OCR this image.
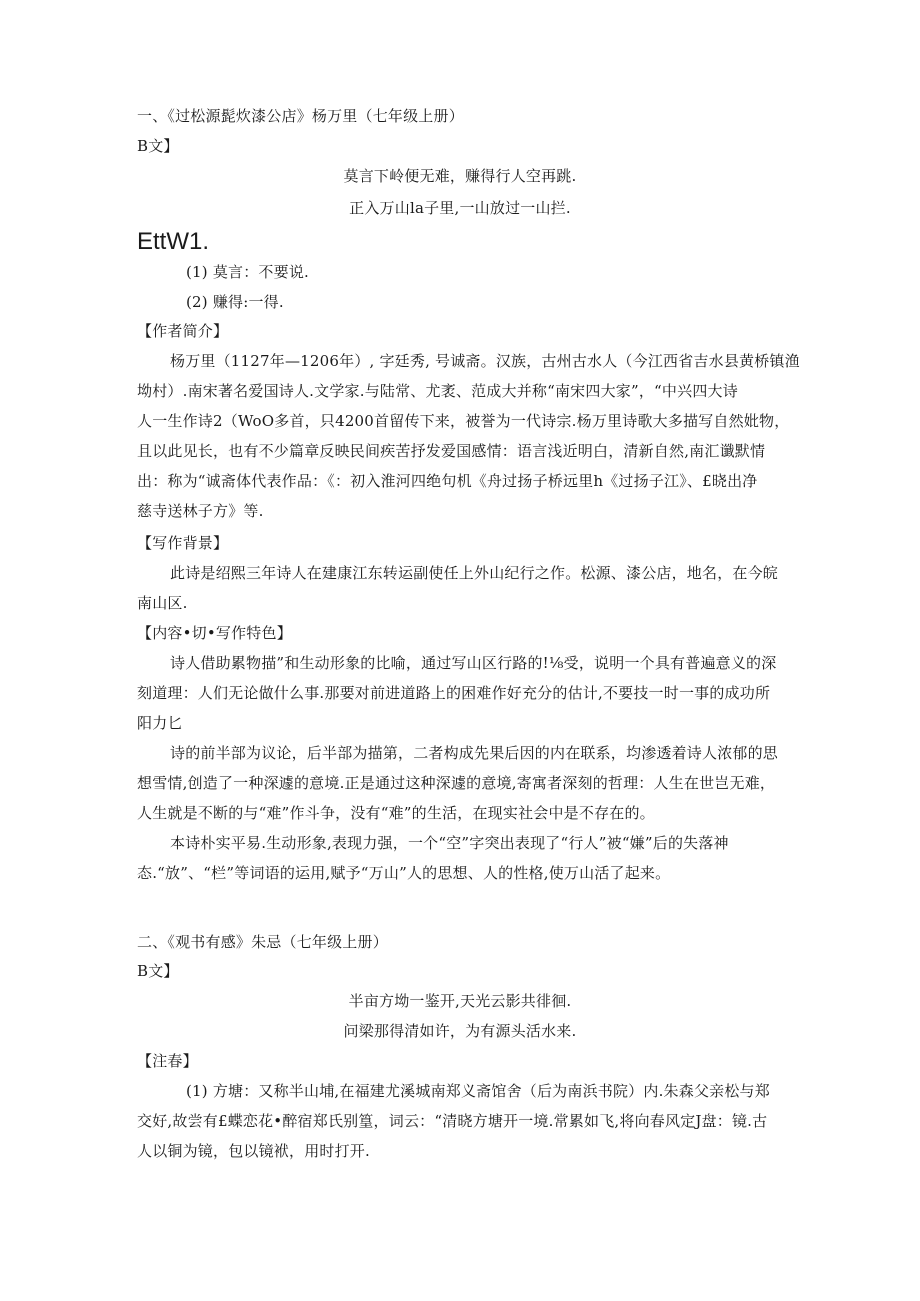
一、《过松源髭炊漆公店》杨万里（七年级上册）
B文】
莫言下岭便无难，赚得行人空再跳.
正入万山la子里,一山放过一山拦.
EttW1.
(1) 莫言：不要说.
(2) 赚得:一得.
【作者简介】
杨万里（1127年—1206年）, 字廷秀, 号诚斋。汉族，古州古水人（今江西省吉水县黄桥镇渔
坳村）.南宋著名爱国诗人.文学家.与陆常、尤袤、范成大并称“南宋四大家”，“中兴四大诗
人一生作诗2（WoO多首，只4200首留传下来，被誉为一代诗宗.杨万里诗歌大多描写自然妣物，
且以此见长，也有不少篇章反映民间疾苦抒发爱国感情：语言浅近明白，清新自然,南汇谶默情
出：称为“诚斋体代表作品：《：初入淮河四绝句机《舟过扬子桥远里h《过扬子江》、£晓出净
慈寺送林子方》等.
【写作背景】
此诗是绍熙三年诗人在建康江东转运副使任上外山纪行之作。松源、漆公店，地名，在今皖
南山区.
【内容•切•写作特色】
诗人借助累物描”和生动形象的比喻，通过写山区行路的!⅛受，说明一个具有普遍意义的深
刻道理：人们无论做什么事.那要对前进道路上的困难作好充分的估计,不要技一时一事的成功所
阳力匕
诗的前半部为议论，后半部为描第，二者构成先果后因的内在联系，均渗透着诗人浓郁的思
想雪情,创造了一种深遽的意境.正是通过这种深遽的意境,寄寓者深刻的哲理：人生在世岂无难，
人生就是不断的与“难”作斗争，没有“难”的生活，在现实社会中是不存在的。
本诗朴实平易.生动形象,表现力强，一个“空”字突出表现了“行人”被“嫌”后的失落神
态.“放”、“栏”等词语的运用,赋予“万山”人的思想、人的性格,使万山活了起来。
二、《观书有感》朱忌（七年级上册）
B文】
半亩方坳一鉴开,天光云影共徘徊.
问梁那得清如许，为有源头活水来.
【注春】
(1) 方塘：又称半山埔,在福建尤溪城南郑义斋馆舍（后为南浜书院）内.朱森父亲松与郑
交好,故尝有£蝶恋花•醉宿郑氏别篁，词云：“清晓方塘开一境.常累如飞,将向春风定J盘：镜.古
人以铜为镜，包以镜袱，用时打开.
